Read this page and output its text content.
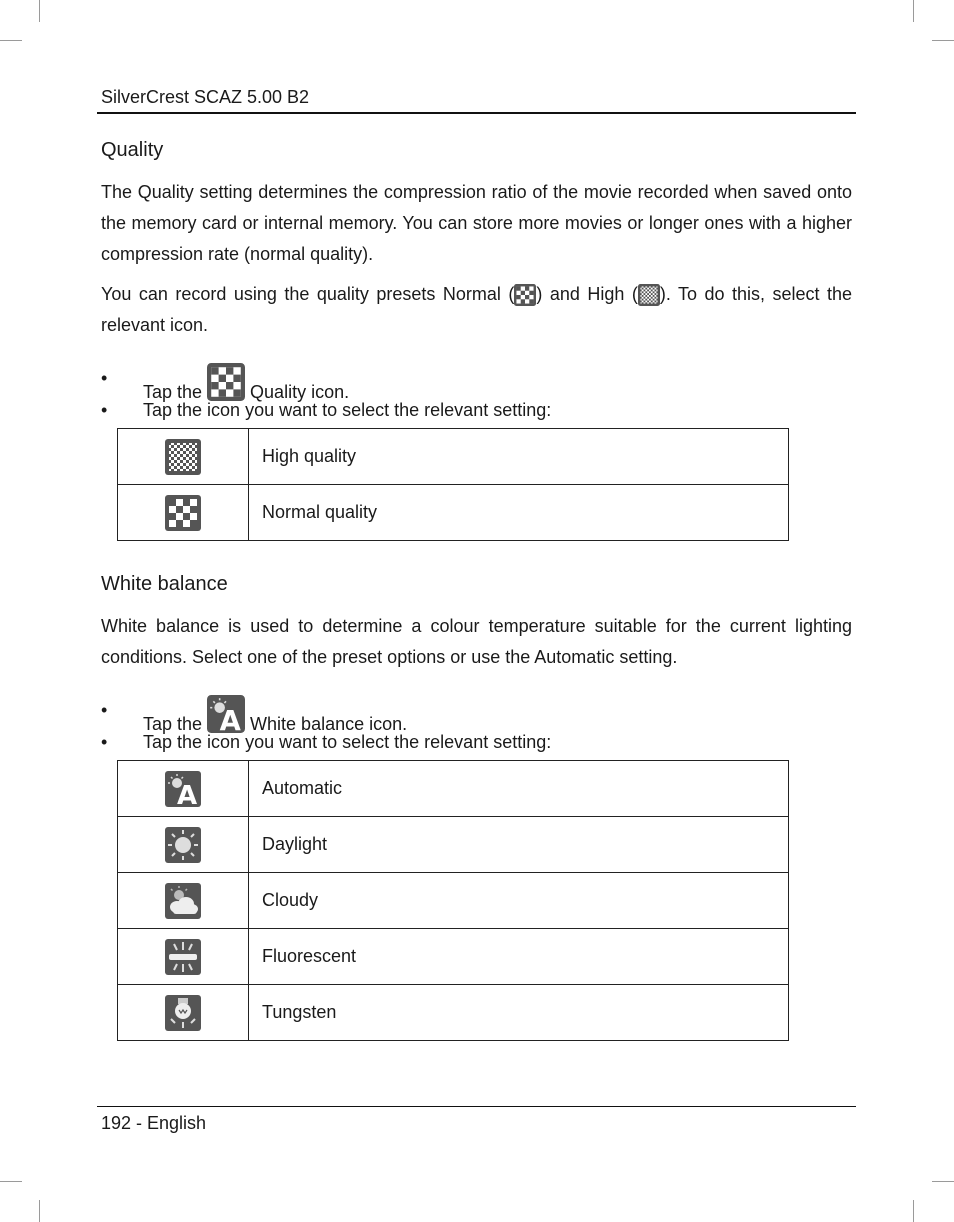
SilverCrest SCAZ 5.00 B2
Quality

The Quality setting determines the compression ratio of the movie recorded when saved onto the memory card or internal memory. You can store more movies or longer ones with a higher compression rate (normal quality).

You can record using the quality presets Normal ( ) and High ( ). To do this, select the relevant icon.

•
Tap the
Quality icon.
• Tap the icon you want to select the relevant setting:
	High quality

	Normal quality
White balance

White balance is used to determine a colour temperature suitable for the current lighting conditions. Select one of the preset options or use the Automatic setting.

•
Tap the A White balance icon.
• Tap the icon you want to select the relevant setting:
A	Automatic

	Daylight

	Cloudy

	Fluorescent

	Tungsten
192 - English
